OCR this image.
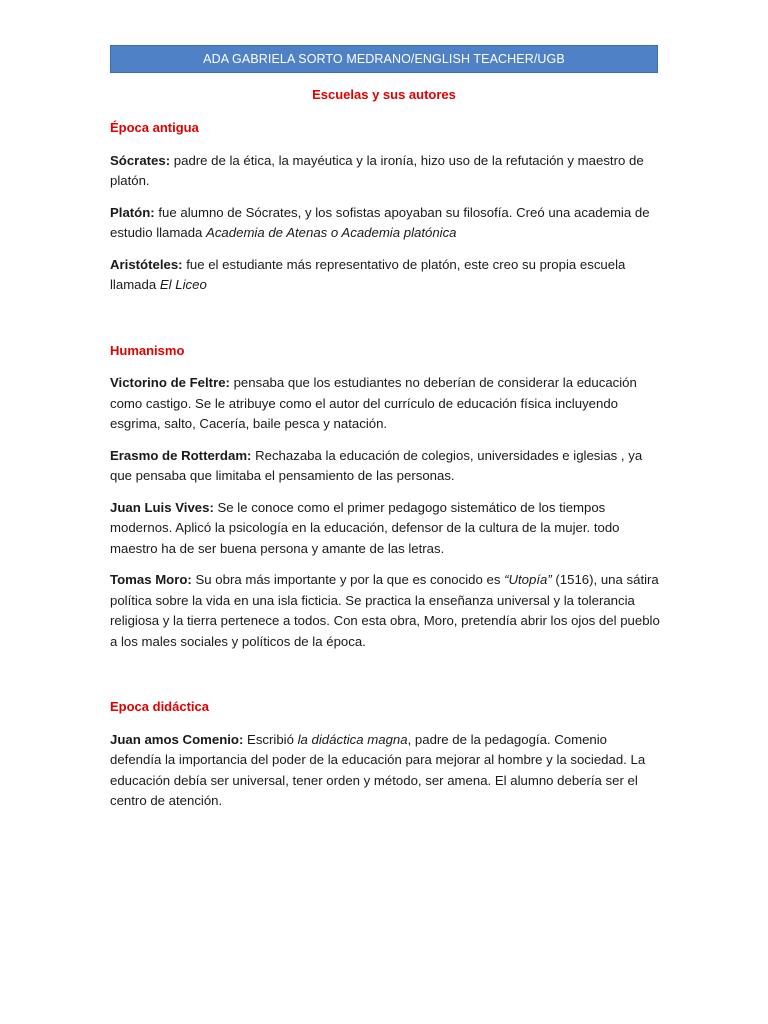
ADA GABRIELA SORTO MEDRANO/ENGLISH TEACHER/UGB
Escuelas y sus autores
Época antigua

Sócrates: padre de la ética, la mayéutica y la ironía, hizo uso de la refutación y maestro de platón.

Platón: fue alumno de Sócrates, y los sofistas apoyaban su filosofía. Creó una academia de estudio llamada Academia de Atenas o Academia platónica

Aristóteles: fue el estudiante más representativo de platón, este creo su propia escuela llamada El Liceo

Humanismo

Victorino de Feltre: pensaba que los estudiantes no deberían de considerar la educación como castigo. Se le atribuye como el autor del currículo de educación física incluyendo esgrima, salto, Cacería, baile pesca y natación.

Erasmo de Rotterdam: Rechazaba la educación de colegios, universidades e iglesias , ya que pensaba que limitaba el pensamiento de las personas.

Juan Luis Vives: Se le conoce como el primer pedagogo sistemático de los tiempos modernos. Aplicó la psicología en la educación, defensor de la cultura de la mujer. todo maestro ha de ser buena persona y amante de las letras.

Tomas Moro: Su obra más importante y por la que es conocido es “Utopía” (1516), una sátira política sobre la vida en una isla ficticia. Se practica la enseñanza universal y la tolerancia religiosa y la tierra pertenece a todos. Con esta obra, Moro, pretendía abrir los ojos del pueblo a los males sociales y políticos de la época.

Epoca didáctica

Juan amos Comenio: Escribió la didáctica magna, padre de la pedagogía. Comenio defendía la importancia del poder de la educación para mejorar al hombre y la sociedad. La educación debía ser universal, tener orden y método, ser amena. El alumno debería ser el centro de atención.
